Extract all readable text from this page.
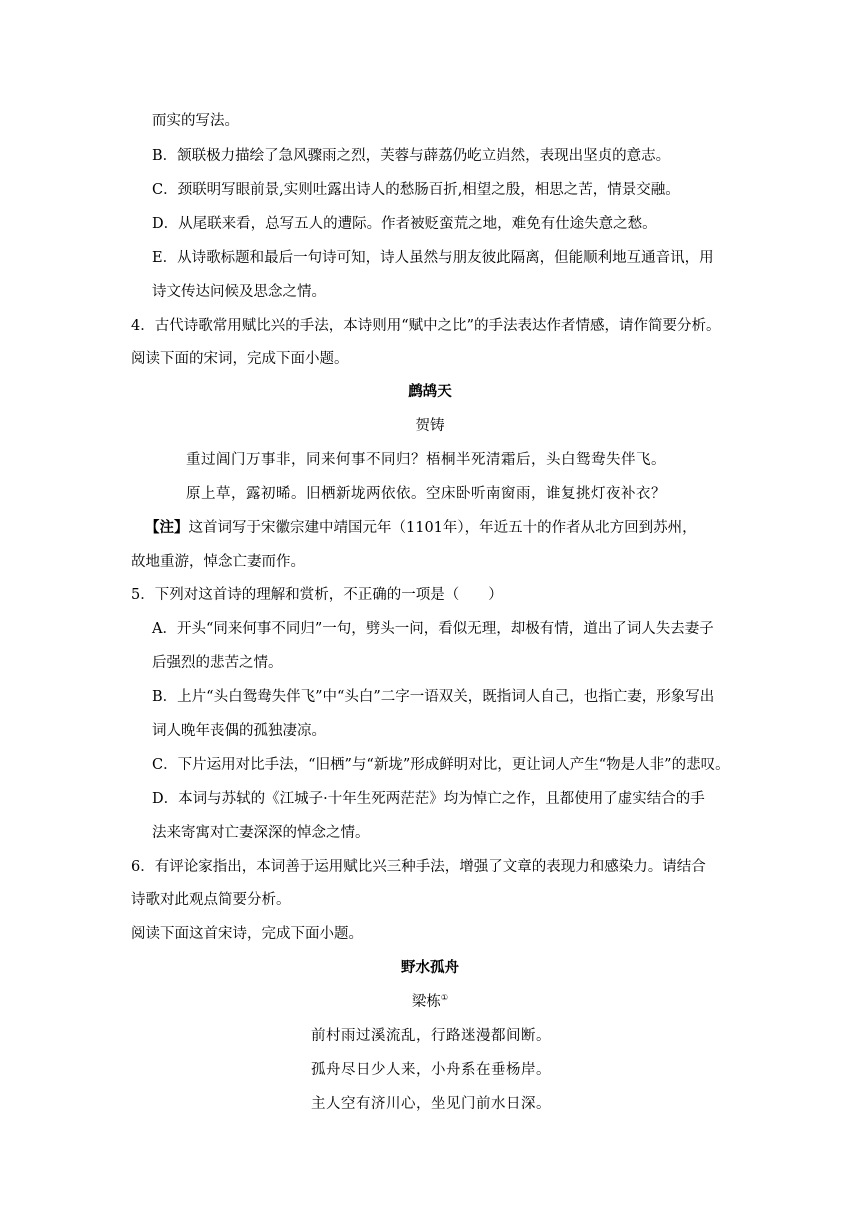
而实的写法。
B．颔联极力描绘了急风骤雨之烈，芙蓉与薜荔仍屹立岿然，表现出坚贞的意志。
C．颈联明写眼前景,实则吐露出诗人的愁肠百折,相望之殷，相思之苦，情景交融。
D．从尾联来看，总写五人的遭际。作者被贬蛮荒之地，难免有仕途失意之愁。
E．从诗歌标题和最后一句诗可知，诗人虽然与朋友彼此隔离，但能顺利地互通音讯，用
诗文传达问候及思念之情。
4．古代诗歌常用赋比兴的手法，本诗则用“赋中之比”的手法表达作者情感，请作简要分析。
阅读下面的宋词，完成下面小题。
鹧鸪天
贺铸
重过阊门万事非，同来何事不同归？梧桐半死清霜后，头白鸳鸯失伴飞。
原上草，露初晞。旧栖新垅两依依。空床卧听南窗雨，谁复挑灯夜补衣？
【注】这首词写于宋徽宗建中靖国元年（1101年），年近五十的作者从北方回到苏州，
故地重游，悼念亡妻而作。
5．下列对这首诗的理解和赏析，不正确的一项是（　　）
A．开头“同来何事不同归”一句，劈头一问，看似无理，却极有情，道出了词人失去妻子
后强烈的悲苦之情。
B．上片“头白鸳鸯失伴飞”中“头白”二字一语双关，既指词人自己，也指亡妻，形象写出
词人晚年丧偶的孤独凄凉。
C．下片运用对比手法，“旧栖”与“新垅”形成鲜明对比，更让词人产生“物是人非”的悲叹。
D．本词与苏轼的《江城子·十年生死两茫茫》均为悼亡之作，且都使用了虚实结合的手
法来寄寓对亡妻深深的悼念之情。
6．有评论家指出，本词善于运用赋比兴三种手法，增强了文章的表现力和感染力。请结合
诗歌对此观点简要分析。
阅读下面这首宋诗，完成下面小题。
野水孤舟
梁栋①
前村雨过溪流乱，行路迷漫都间断。
孤舟尽日少人来，小舟系在垂杨岸。
主人空有济川心，坐见门前水日深。
